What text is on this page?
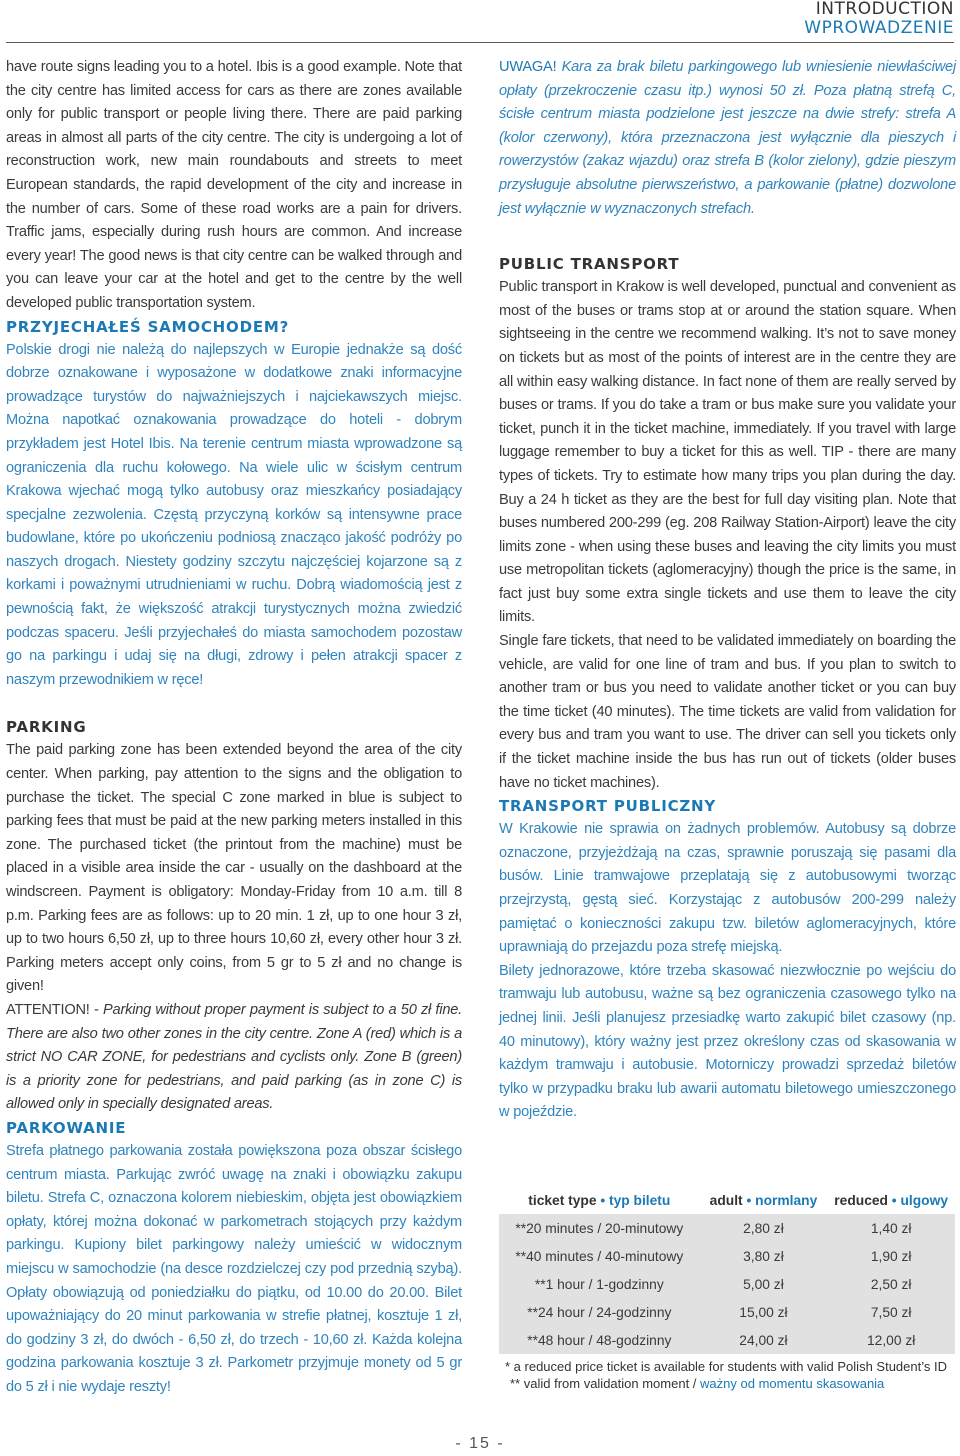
INTRODUCTION
WPROWADZENIE

have route signs leading you to a hotel. Ibis is a good example. Note that the city centre has limited access for cars as there are zones available only for public transport or people living there. There are paid parking areas in almost all parts of the city centre. The city is undergoing a lot of reconstruction work, new main roundabouts and streets to meet European standards, the rapid development of the city and increase in the number of cars. Some of these road works are a pain for drivers. Traffic jams, especially during rush hours are common. And increase every year! The good news is that city centre can be walked through and you can leave your car at the hotel and get to the centre by the well developed public transportation system.

PRZYJECHAŁEŚ SAMOCHODEM?

Polskie drogi nie należą do najlepszych w Europie jednakże są dość dobrze oznakowane i wyposażone w dodatkowe znaki informacyjne prowadzące turystów do najważniejszych i najciekawszych miejsc. Można napotkać oznakowania prowadzące do hoteli - dobrym przykładem jest Hotel Ibis. Na terenie centrum miasta wprowadzone są ograniczenia dla ruchu kołowego. Na wiele ulic w ścisłym centrum Krakowa wjechać mogą tylko autobusy oraz mieszkańcy posiadający specjalne zezwolenia. Częstą przyczyną korków są intensywne prace budowlane, które po ukończeniu podniosą znacząco jakość podróży po naszych drogach. Niestety godziny szczytu najczęściej kojarzone są z korkami i poważnymi utrudnieniami w ruchu. Dobrą wiadomością jest z pewnością fakt, że większość atrakcji turystycznych można zwiedzić podczas spaceru. Jeśli przyjechałeś do miasta samochodem pozostaw go na parkingu i udaj się na długi, zdrowy i pełen atrakcji spacer z naszym przewodnikiem w ręce!

PARKING

The paid parking zone has been extended beyond the area of the city center. When parking, pay attention to the signs and the obligation to purchase the ticket. The special C zone marked in blue is subject to parking fees that must be paid at the new parking meters installed in this zone. The purchased ticket (the printout from the machine) must be placed in a visible area inside the car - usually on the dashboard at the windscreen. Payment is obligatory: Monday-Friday from 10 a.m. till 8 p.m. Parking fees are as follows: up to 20 min. 1 zł, up to one hour 3 zł, up to two hours 6,50 zł, up to three hours 10,60 zł, every other hour 3 zł. Parking meters accept only coins, from 5 gr to 5 zł and no change is given!

ATTENTION! - Parking without proper payment is subject to a 50 zł fine. There are also two other zones in the city centre. Zone A (red) which is a strict NO CAR ZONE, for pedestrians and cyclists only. Zone B (green) is a priority zone for pedestrians, and paid parking (as in zone C) is allowed only in specially designated areas.

PARKOWANIE

Strefa płatnego parkowania została powiększona poza obszar ścisłego centrum miasta. Parkując zwróć uwagę na znaki i obowiązku zakupu biletu. Strefa C, oznaczona kolorem niebieskim, objęta jest obowiązkiem opłaty, której można dokonać w parkometrach stojących przy każdym parkingu. Kupiony bilet parkingowy należy umieścić w widocznym miejscu w samochodzie (na desce rozdzielczej czy pod przednią szybą). Opłaty obowiązują od poniedziałku do piątku, od 10.00 do 20.00. Bilet upoważniający do 20 minut parkowania w strefie płatnej, kosztuje 1 zł, do godziny 3 zł, do dwóch - 6,50 zł, do trzech - 10,60 zł. Każda kolejna godzina parkowania kosztuje 3 zł. Parkometr przyjmuje monety od 5 gr do 5 zł i nie wydaje reszty!

UWAGA! Kara za brak biletu parkingowego lub wniesienie niewłaściwej opłaty (przekroczenie czasu itp.) wynosi 50 zł. Poza płatną strefą C, ścisłe centrum miasta podzielone jest jeszcze na dwie strefy: strefa A (kolor czerwony), która przeznaczona jest wyłącznie dla pieszych i rowerzystów (zakaz wjazdu) oraz strefa B (kolor zielony), gdzie pieszym przysługuje absolutne pierwszeństwo, a parkowanie (płatne) dozwolone jest wyłącznie w wyznaczonych strefach.

PUBLIC TRANSPORT

Public transport in Krakow is well developed, punctual and convenient as most of the buses or trams stop at or around the station square. When sightseeing in the centre we recommend walking. It’s not to save money on tickets but as most of the points of interest are in the centre they are all within easy walking distance. In fact none of them are really served by buses or trams. If you do take a tram or bus make sure you validate your ticket, punch it in the ticket machine, immediately. If you travel with large luggage remember to buy a ticket for this as well. TIP - there are many types of tickets. Try to estimate how many trips you plan during the day. Buy a 24 h ticket as they are the best for full day visiting plan. Note that buses numbered 200-299 (eg. 208 Railway Station-Airport) leave the city limits zone - when using these buses and leaving the city limits you must use metropolitan tickets (aglomeracyjny) though the price is the same, in fact just buy some extra single tickets and use them to leave the city limits.

Single fare tickets, that need to be validated immediately on boarding the vehicle, are valid for one line of tram and bus. If you plan to switch to another tram or bus you need to validate another ticket or you can buy the time ticket (40 minutes). The time tickets are valid from validation for every bus and tram you want to use. The driver can sell you tickets only if the ticket machine inside the bus has run out of tickets (older buses have no ticket machines).

TRANSPORT PUBLICZNY

W Krakowie nie sprawia on żadnych problemów. Autobusy są dobrze oznaczone, przyjeżdżają na czas, sprawnie poruszają się pasami dla busów. Linie tramwajowe przeplatają się z autobusowymi tworząc przejrzystą, gęstą sieć. Korzystając z autobusów 200-299 należy pamiętać o konieczności zakupu tzw. biletów aglomeracyjnych, które uprawniają do przejazdu poza strefę miejską.

Bilety jednorazowe, które trzeba skasować niezwłocznie po wejściu do tramwaju lub autobusu, ważne są bez ograniczenia czasowego tylko na jednej linii. Jeśli planujesz przesiadkę warto zakupić bilet czasowy (np. 40 minutowy), który ważny jest przez określony czas od skasowania w każdym tramwaju i autobusie. Motorniczy prowadzi sprzedaż biletów tylko w przypadku braku lub awarii automatu biletowego umieszczonego w pojeździe.

ticket type • typ biletu	adult • normlany	reduced • ulgowy
**20 minutes / 20-minutowy	2,80 zł	1,40 zł
**40 minutes / 40-minutowy	3,80 zł	1,90 zł
**1 hour / 1-godzinny	5,00 zł	2,50 zł
**24 hour / 24-godzinny	15,00 zł	7,50 zł
**48 hour / 48-godzinny	24,00 zł	12,00 zł
* a reduced price ticket is available for students with valid Polish Student’s ID
** valid from validation moment / ważny od momentu skasowania
- 15 -
